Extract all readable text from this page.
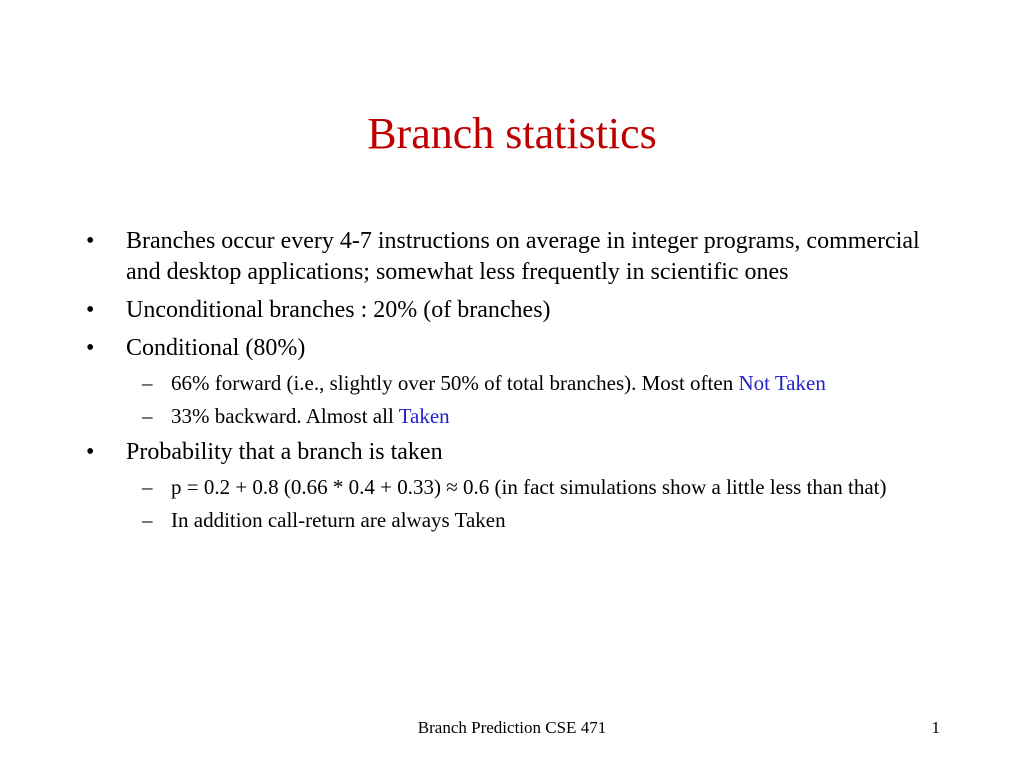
Branch statistics
• Branches occur every 4-7 instructions on average in integer programs, commercial and desktop applications; somewhat less frequently in scientific ones
• Unconditional branches : 20% (of branches)
• Conditional (80%)
– 66% forward (i.e., slightly over 50% of total branches). Most often Not Taken
– 33% backward. Almost all Taken
• Probability that a branch is taken
– p = 0.2 + 0.8 (0.66 * 0.4 + 0.33) ≈ 0.6 (in fact simulations show a little less than that)
– In addition call-return are always Taken
Branch Prediction CSE 471	1
